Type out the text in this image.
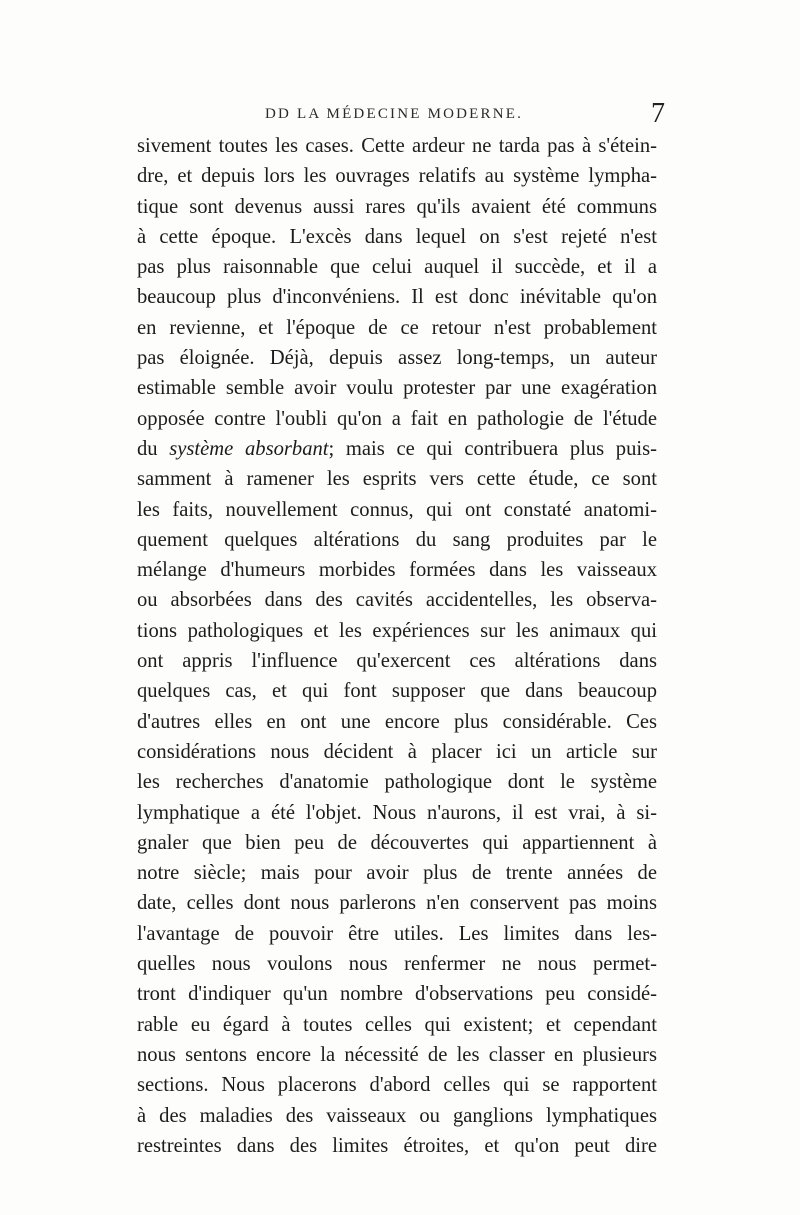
DD LA MÉDECINE MODERNE.	7
sivement toutes les cases. Cette ardeur ne tarda pas à s'étein-
dre, et depuis lors les ouvrages relatifs au système lympha-
tique sont devenus aussi rares qu'ils avaient été communs
à cette époque. L'excès dans lequel on s'est rejeté n'est
pas plus raisonnable que celui auquel il succède, et il a
beaucoup plus d'inconvéniens. Il est donc inévitable qu'on
en revienne, et l'époque de ce retour n'est probablement
pas éloignée. Déjà, depuis assez long-temps, un auteur
estimable semble avoir voulu protester par une exagération
opposée contre l'oubli qu'on a fait en pathologie de l'étude
du système absorbant; mais ce qui contribuera plus puis-
samment à ramener les esprits vers cette étude, ce sont
les faits, nouvellement connus, qui ont constaté anatomi-
quement quelques altérations du sang produites par le
mélange d'humeurs morbides formées dans les vaisseaux
ou absorbées dans des cavités accidentelles, les observa-
tions pathologiques et les expériences sur les animaux qui
ont appris l'influence qu'exercent ces altérations dans
quelques cas, et qui font supposer que dans beaucoup
d'autres elles en ont une encore plus considérable. Ces
considérations nous décident à placer ici un article sur
les recherches d'anatomie pathologique dont le système
lymphatique a été l'objet. Nous n'aurons, il est vrai, à si-
gnaler que bien peu de découvertes qui appartiennent à
notre siècle; mais pour avoir plus de trente années de
date, celles dont nous parlerons n'en conservent pas moins
l'avantage de pouvoir être utiles. Les limites dans les-
quelles nous voulons nous renfermer ne nous permet-
tront d'indiquer qu'un nombre d'observations peu considé-
rable eu égard à toutes celles qui existent; et cependant
nous sentons encore la nécessité de les classer en plusieurs
sections. Nous placerons d'abord celles qui se rapportent
à des maladies des vaisseaux ou ganglions lymphatiques
restreintes dans des limites étroites, et qu'on peut dire
